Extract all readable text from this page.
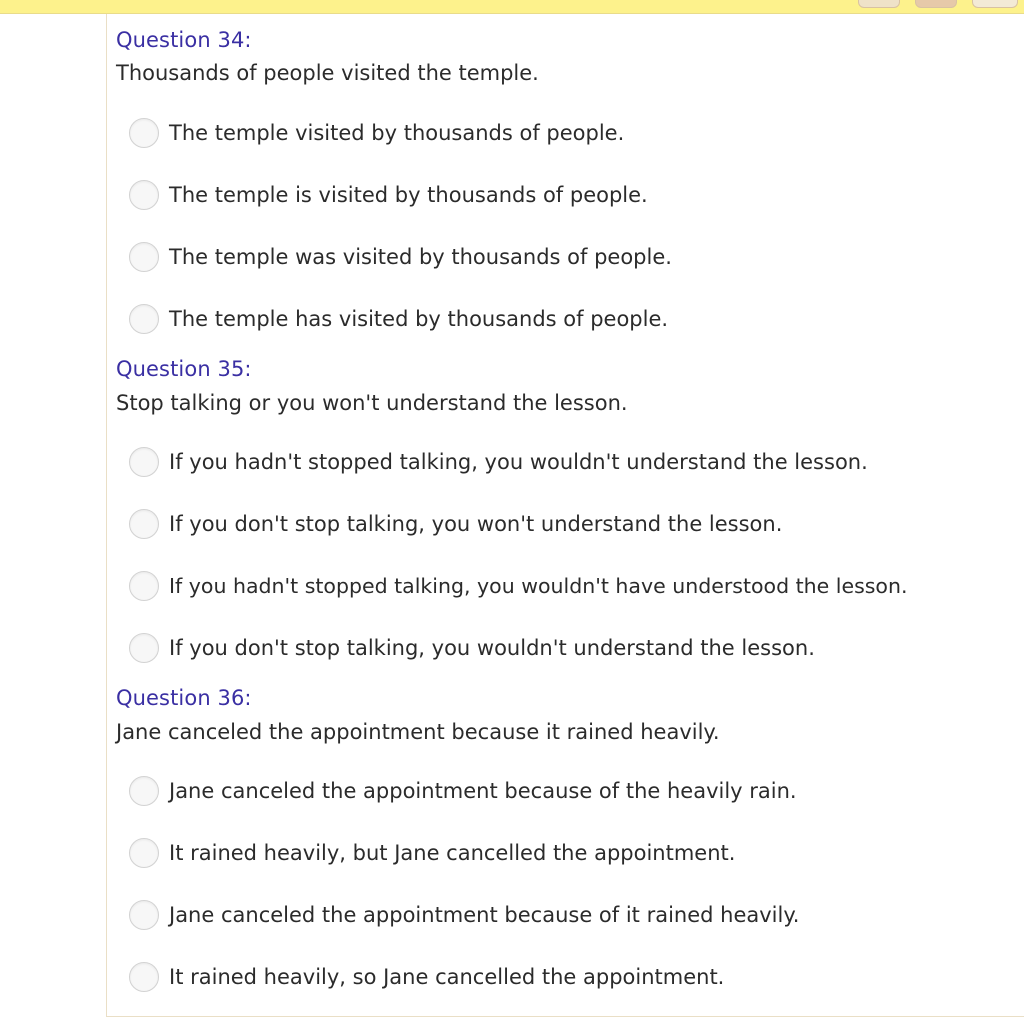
Question 34:
Thousands of people visited the temple.
The temple visited by thousands of people.
The temple is visited by thousands of people.
The temple was visited by thousands of people.
The temple has visited by thousands of people.
Question 35:
Stop talking or you won't understand the lesson.
If you hadn't stopped talking, you wouldn't understand the lesson.
If you don't stop talking, you won't understand the lesson.
If you hadn't stopped talking, you wouldn't have understood the lesson.
If you don't stop talking, you wouldn't understand the lesson.
Question 36:
Jane canceled the appointment because it rained heavily.
Jane canceled the appointment because of the heavily rain.
It rained heavily, but Jane cancelled the appointment.
Jane canceled the appointment because of it rained heavily.
It rained heavily, so Jane cancelled the appointment.
